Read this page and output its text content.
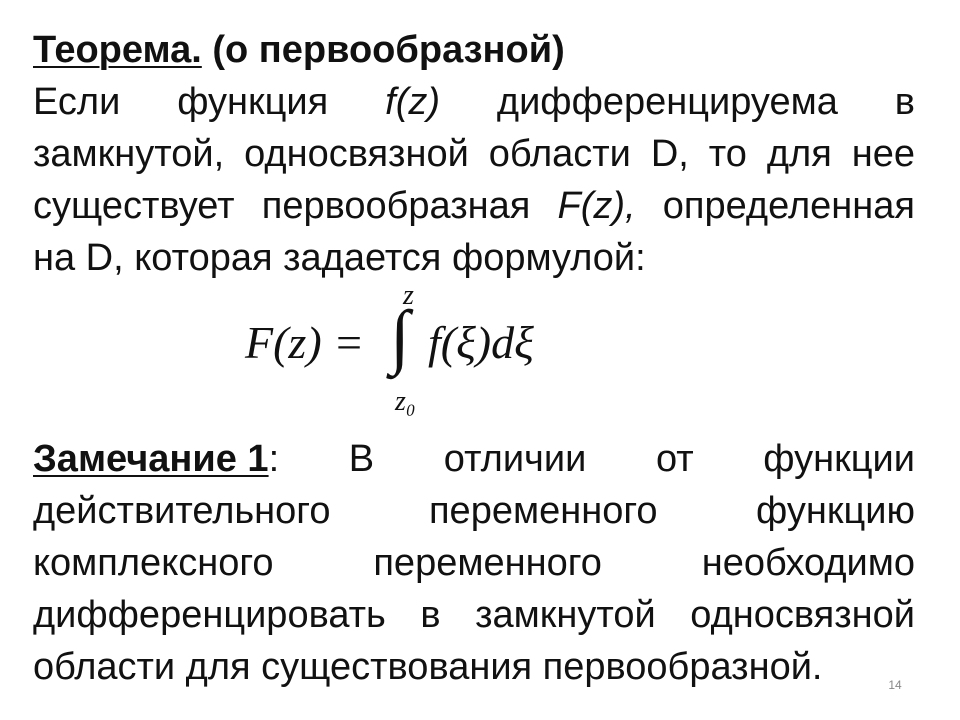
Теорема. (о первообразной)
Если функция f(z) дифференцируема в
замкнутой, односвязной области D, то для нее
существует первообразная F(z), определенная
на D, которая задается формулой:
F(z) = ∫
z
z₀
f(ξ)dξ
Замечание 1: В отличии от функции
действительного	переменного	функцию
комплексного	переменного	необходимо
дифференцировать в замкнутой односвязной
области для существования первообразной.	14
